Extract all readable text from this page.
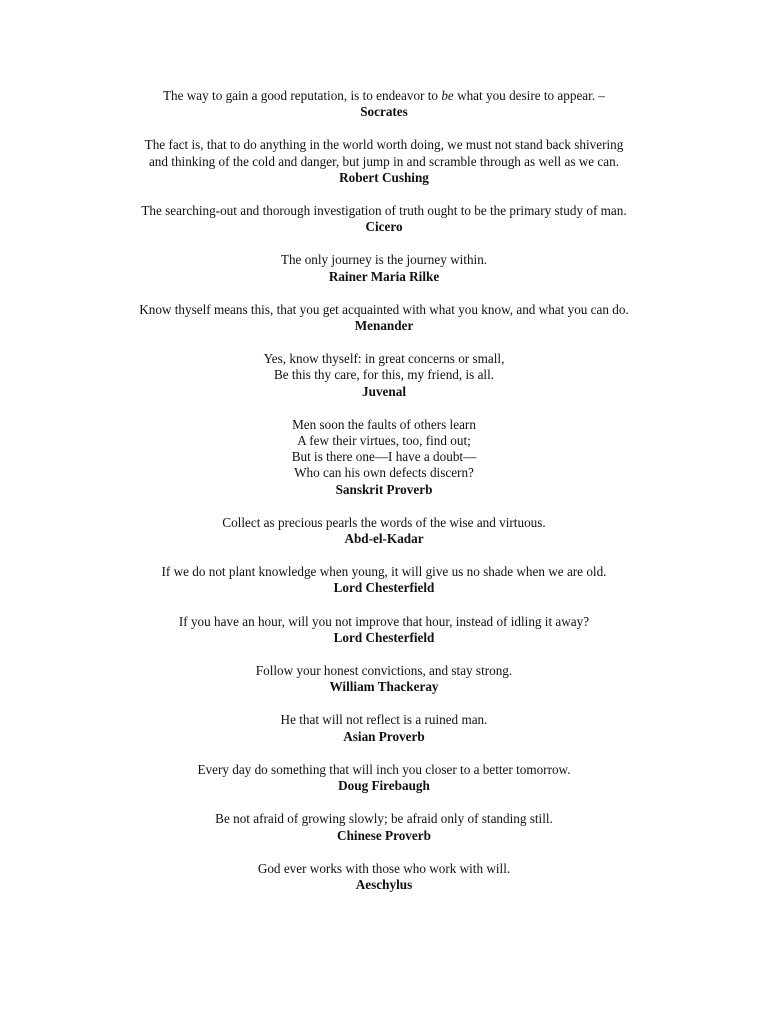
The way to gain a good reputation, is to endeavor to be what you desire to appear. –
Socrates
The fact is, that to do anything in the world worth doing, we must not stand back shivering
and thinking of the cold and danger, but jump in and scramble through as well as we can.
Robert Cushing
The searching-out and thorough investigation of truth ought to be the primary study of man.
Cicero
The only journey is the journey within.
Rainer Maria Rilke
Know thyself means this, that you get acquainted with what you know, and what you can do.
Menander
Yes, know thyself: in great concerns or small,
Be this thy care, for this, my friend, is all.
Juvenal
Men soon the faults of others learn
A few their virtues, too, find out;
But is there one—I have a doubt—
Who can his own defects discern?
Sanskrit Proverb
Collect as precious pearls the words of the wise and virtuous.
Abd-el-Kadar
If we do not plant knowledge when young, it will give us no shade when we are old.
Lord Chesterfield
If you have an hour, will you not improve that hour, instead of idling it away?
Lord Chesterfield
Follow your honest convictions, and stay strong.
William Thackeray
He that will not reflect is a ruined man.
Asian Proverb
Every day do something that will inch you closer to a better tomorrow.
Doug Firebaugh
Be not afraid of growing slowly; be afraid only of standing still.
Chinese Proverb
God ever works with those who work with will.
Aeschylus
